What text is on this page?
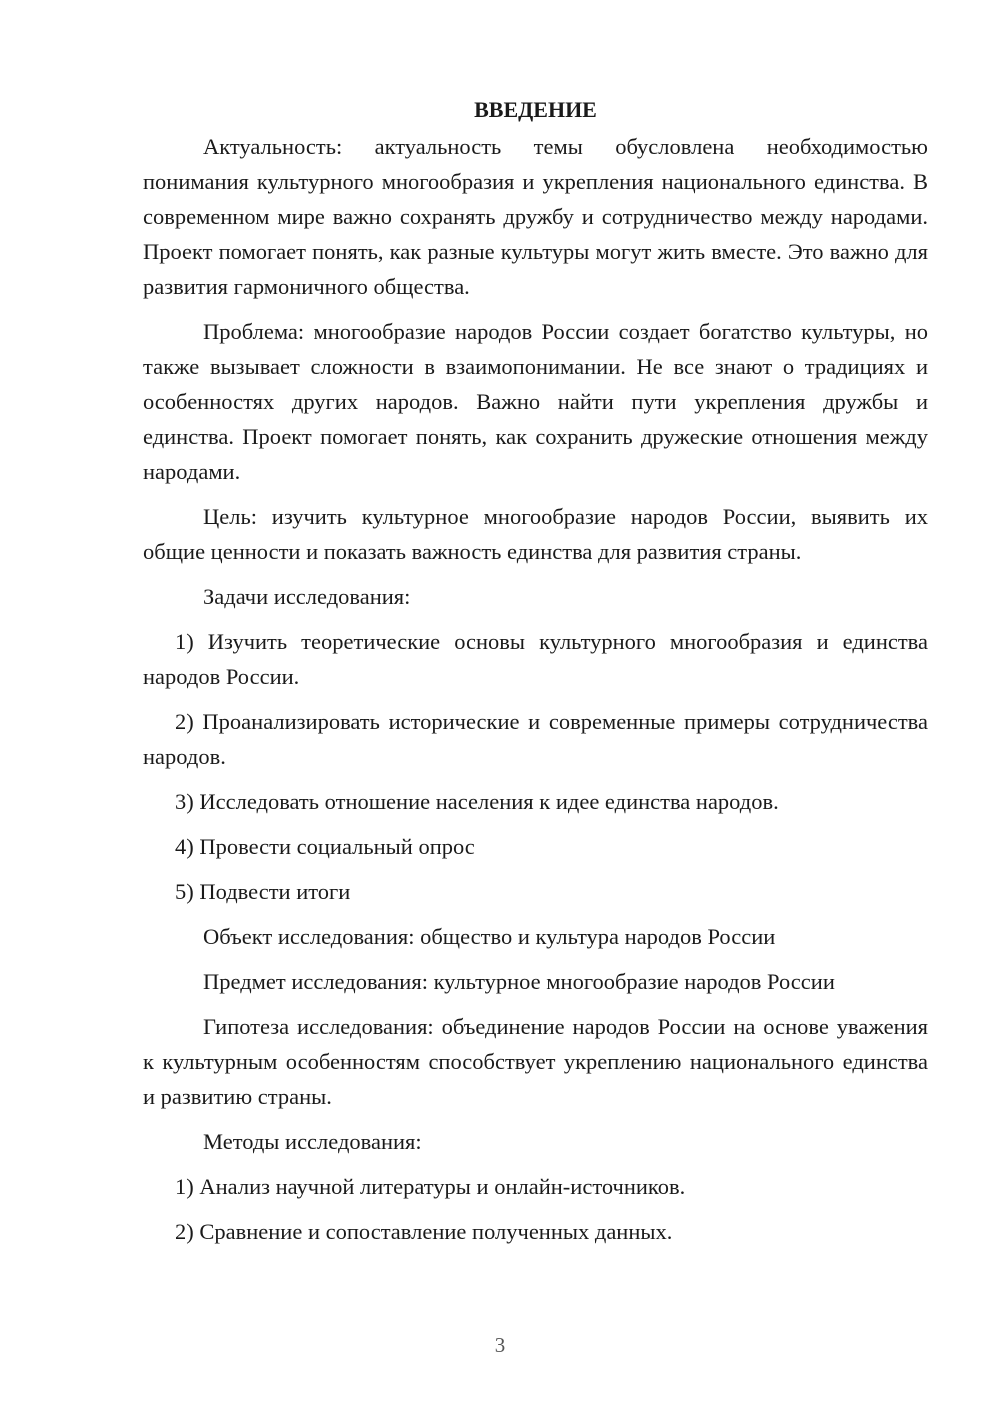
ВВЕДЕНИЕ

Актуальность: актуальность темы обусловлена необходимостью понимания культурного многообразия и укрепления национального единства. В современном мире важно сохранять дружбу и сотрудничество между народами. Проект помогает понять, как разные культуры могут жить вместе. Это важно для развития гармоничного общества.

Проблема: многообразие народов России создает богатство культуры, но также вызывает сложности в взаимопонимании. Не все знают о традициях и особенностях других народов. Важно найти пути укрепления дружбы и единства. Проект помогает понять, как сохранить дружеские отношения между народами.

Цель: изучить культурное многообразие народов России, выявить их общие ценности и показать важность единства для развития страны.

Задачи исследования:

1) Изучить теоретические основы культурного многообразия и единства народов России.

2) Проанализировать исторические и современные примеры сотрудничества народов.

3) Исследовать отношение населения к идее единства народов.

4) Провести социальный опрос

5) Подвести итоги

Объект исследования: общество и культура народов России

Предмет исследования: культурное многообразие народов России

Гипотеза исследования: объединение народов России на основе уважения к культурным особенностям способствует укреплению национального единства и развитию страны.

Методы исследования:

1) Анализ научной литературы и онлайн-источников.

2) Сравнение и сопоставление полученных данных.

3
